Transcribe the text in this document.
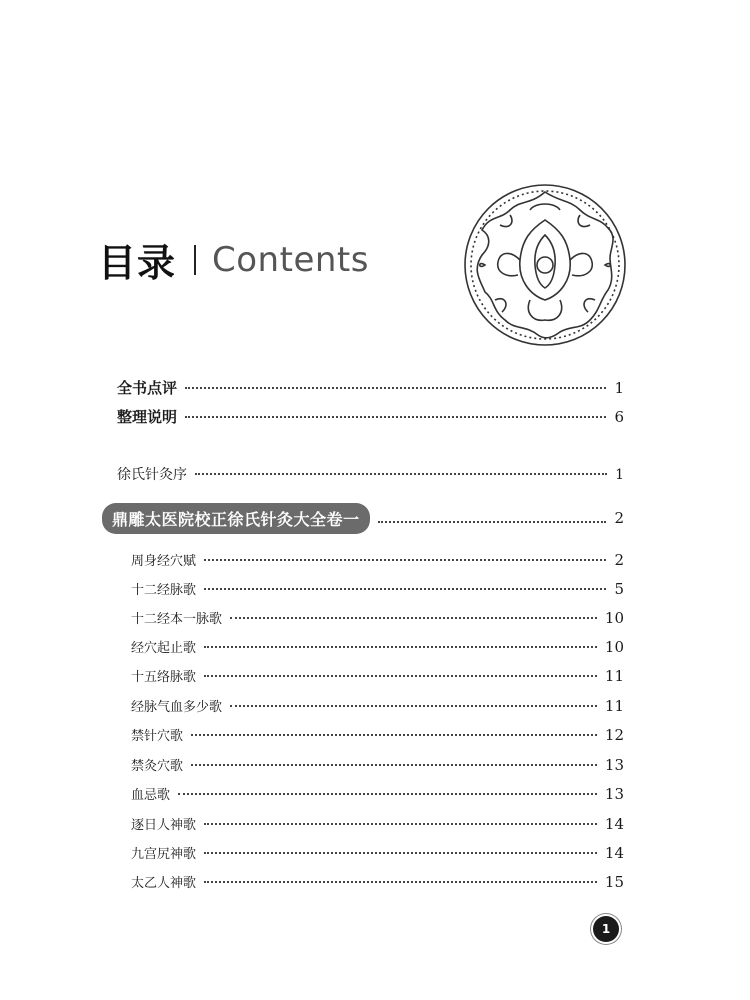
目录 Contents
全书点评	1
整理说明	6
徐氏针灸序	1
鼎雕太医院校正徐氏针灸大全卷一	2
周身经穴赋	2
十二经脉歌	5
十二经本一脉歌	10
经穴起止歌	10
十五络脉歌	11
经脉气血多少歌	11
禁针穴歌	12
禁灸穴歌	13
血忌歌	13
逐日人神歌	14
九宫尻神歌	14
太乙人神歌	15
1
